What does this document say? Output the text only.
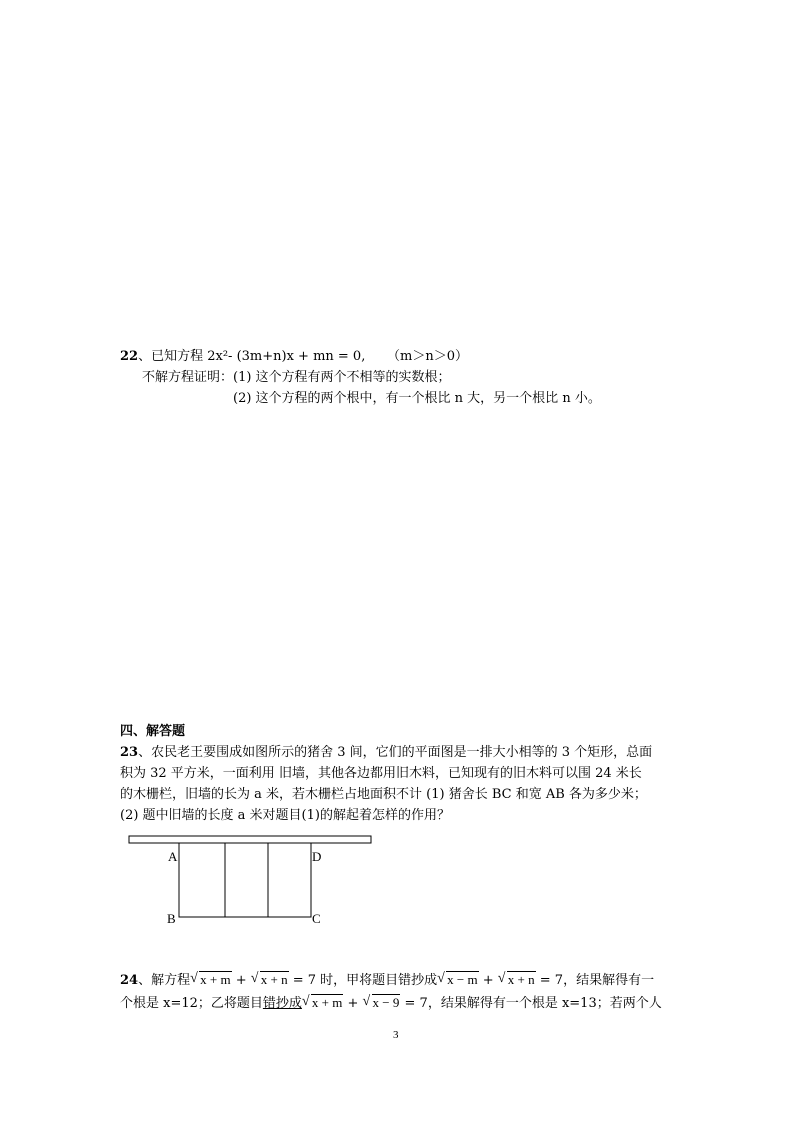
22、已知方程 2x²- (3m+n)x + mn = 0, （m＞n＞0）
不解方程证明：(1) 这个方程有两个不相等的实数根；
(2) 这个方程的两个根中，有一个根比 n 大，另一个根比 n 小。
四、解答题
23、农民老王要围成如图所示的猪舍 3 间，它们的平面图是一排大小相等的 3 个矩形，总面
积为 32 平方米，一面利用 旧墙，其他各边都用旧木料，已知现有的旧木料可以围 24 米长
的木栅栏，旧墙的长为 a 米，若木栅栏占地面积不计 (1) 猪舍长 BC 和宽 AB 各为多少米；
(2) 题中旧墙的长度 a 米对题目(1)的解起着怎样的作用？
A	D
B	C
24、解方程 √ x + m + √ x + n = 7 时，甲将题目错抄成 √ x − m + √ x + n = 7，结果解得有一
个根是 x=12；乙将题目错抄成 √ x + m + √ x − 9 = 7，结果解得有一个根是 x=13；若两个人
3
